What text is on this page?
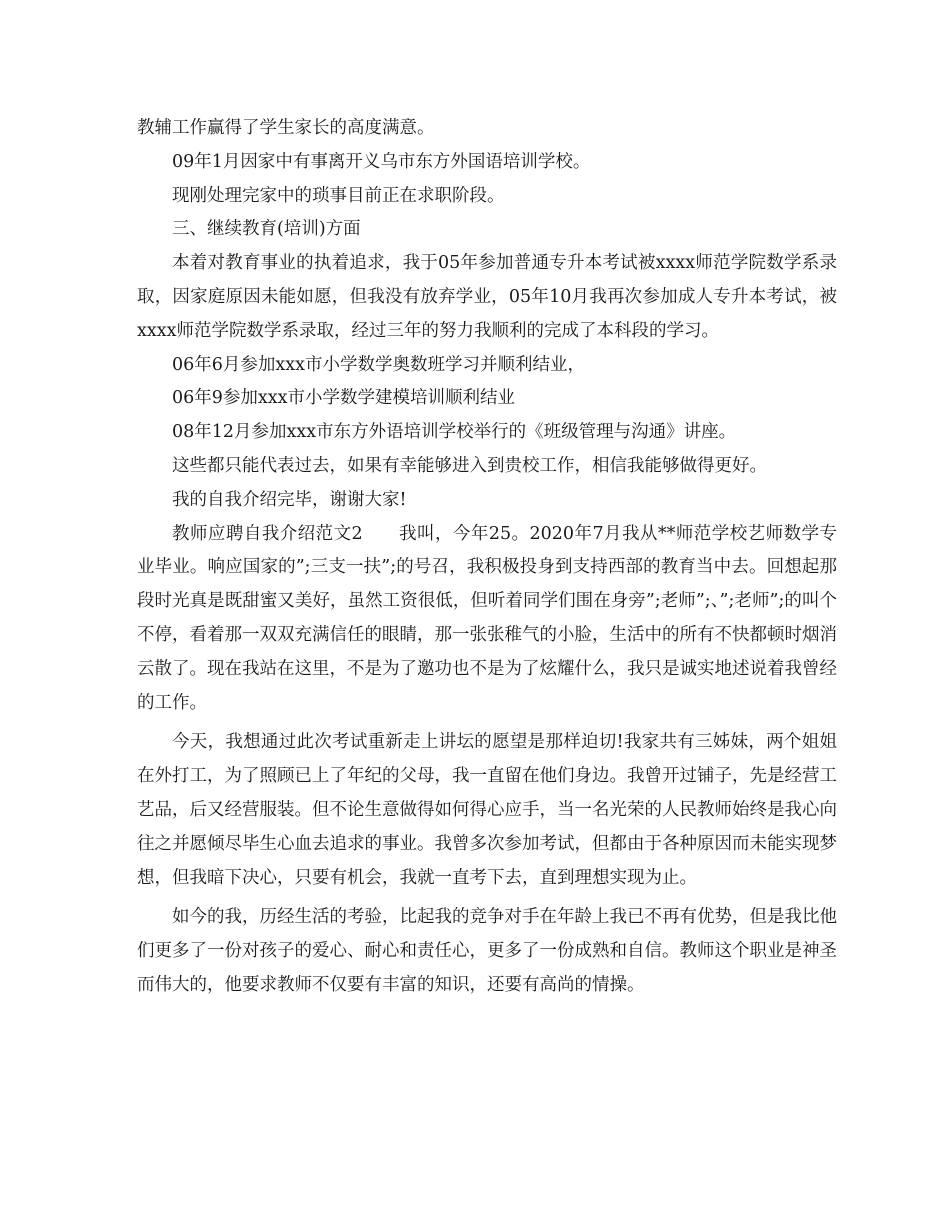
教辅工作赢得了学生家长的高度满意。

09年1月因家中有事离开义乌市东方外国语培训学校。

现刚处理完家中的琐事目前正在求职阶段。

三、继续教育(培训)方面

本着对教育事业的执着追求，我于05年参加普通专升本考试被xxxx师范学院数学系录取，因家庭原因未能如愿，但我没有放弃学业，05年10月我再次参加成人专升本考试，被xxxx师范学院数学系录取，经过三年的努力我顺利的完成了本科段的学习。

06年6月参加xxx市小学数学奥数班学习并顺利结业，

06年9参加xxx市小学数学建模培训顺利结业

08年12月参加xxx市东方外语培训学校举行的《班级管理与沟通》讲座。

这些都只能代表过去，如果有幸能够进入到贵校工作，相信我能够做得更好。

我的自我介绍完毕，谢谢大家!

教师应聘自我介绍范文2　　我叫，今年25。2020年7月我从**师范学校艺师数学专业毕业。响应国家的”;三支一扶”;的号召，我积极投身到支持西部的教育当中去。回想起那段时光真是既甜蜜又美好，虽然工资很低，但听着同学们围在身旁”;老师”;、”;老师”;的叫个不停，看着那一双双充满信任的眼睛，那一张张稚气的小脸，生活中的所有不快都顿时烟消云散了。现在我站在这里，不是为了邀功也不是为了炫耀什么，我只是诚实地述说着我曾经的工作。

今天，我想通过此次考试重新走上讲坛的愿望是那样迫切!我家共有三姊妹，两个姐姐在外打工，为了照顾已上了年纪的父母，我一直留在他们身边。我曾开过铺子，先是经营工艺品，后又经营服装。但不论生意做得如何得心应手，当一名光荣的人民教师始终是我心向往之并愿倾尽毕生心血去追求的事业。我曾多次参加考试，但都由于各种原因而未能实现梦想，但我暗下决心，只要有机会，我就一直考下去，直到理想实现为止。

如今的我，历经生活的考验，比起我的竞争对手在年龄上我已不再有优势，但是我比他们更多了一份对孩子的爱心、耐心和责任心，更多了一份成熟和自信。教师这个职业是神圣而伟大的，他要求教师不仅要有丰富的知识，还要有高尚的情操。
